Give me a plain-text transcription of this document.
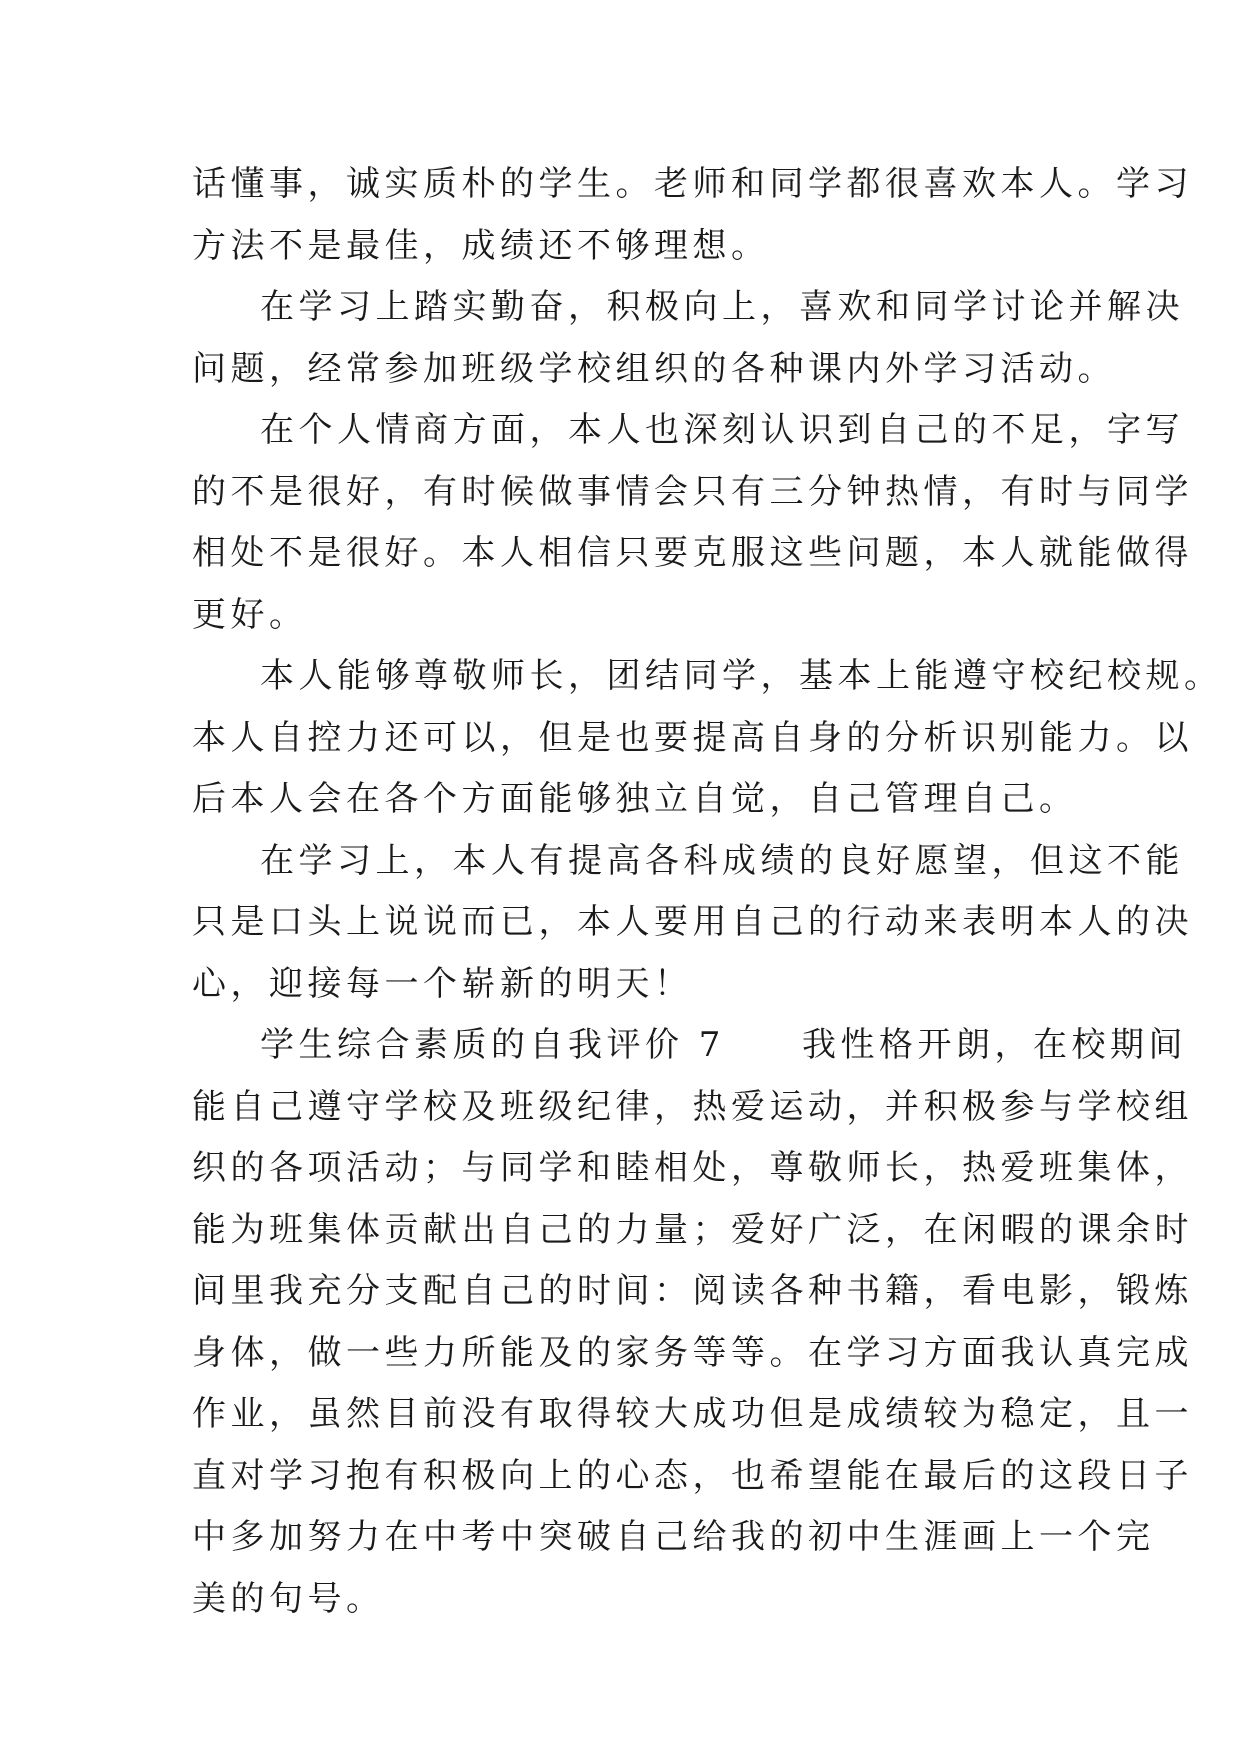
话懂事，诚实质朴的学生。老师和同学都很喜欢本人。学习
方法不是最佳，成绩还不够理想。
在学习上踏实勤奋，积极向上，喜欢和同学讨论并解决
问题，经常参加班级学校组织的各种课内外学习活动。
在个人情商方面，本人也深刻认识到自己的不足，字写
的不是很好，有时候做事情会只有三分钟热情，有时与同学
相处不是很好。本人相信只要克服这些问题，本人就能做得
更好。
本人能够尊敬师长，团结同学，基本上能遵守校纪校规。
本人自控力还可以，但是也要提高自身的分析识别能力。以
后本人会在各个方面能够独立自觉，自己管理自己。
在学习上，本人有提高各科成绩的良好愿望，但这不能
只是口头上说说而已，本人要用自己的行动来表明本人的决
心，迎接每一个崭新的明天！
学生综合素质的自我评价 7　　我性格开朗，在校期间
能自己遵守学校及班级纪律，热爱运动，并积极参与学校组
织的各项活动；与同学和睦相处，尊敬师长，热爱班集体，
能为班集体贡献出自己的力量；爱好广泛，在闲暇的课余时
间里我充分支配自己的时间：阅读各种书籍，看电影，锻炼
身体，做一些力所能及的家务等等。在学习方面我认真完成
作业，虽然目前没有取得较大成功但是成绩较为稳定，且一
直对学习抱有积极向上的心态，也希望能在最后的这段日子
中多加努力在中考中突破自己给我的初中生涯画上一个完
美的句号。
